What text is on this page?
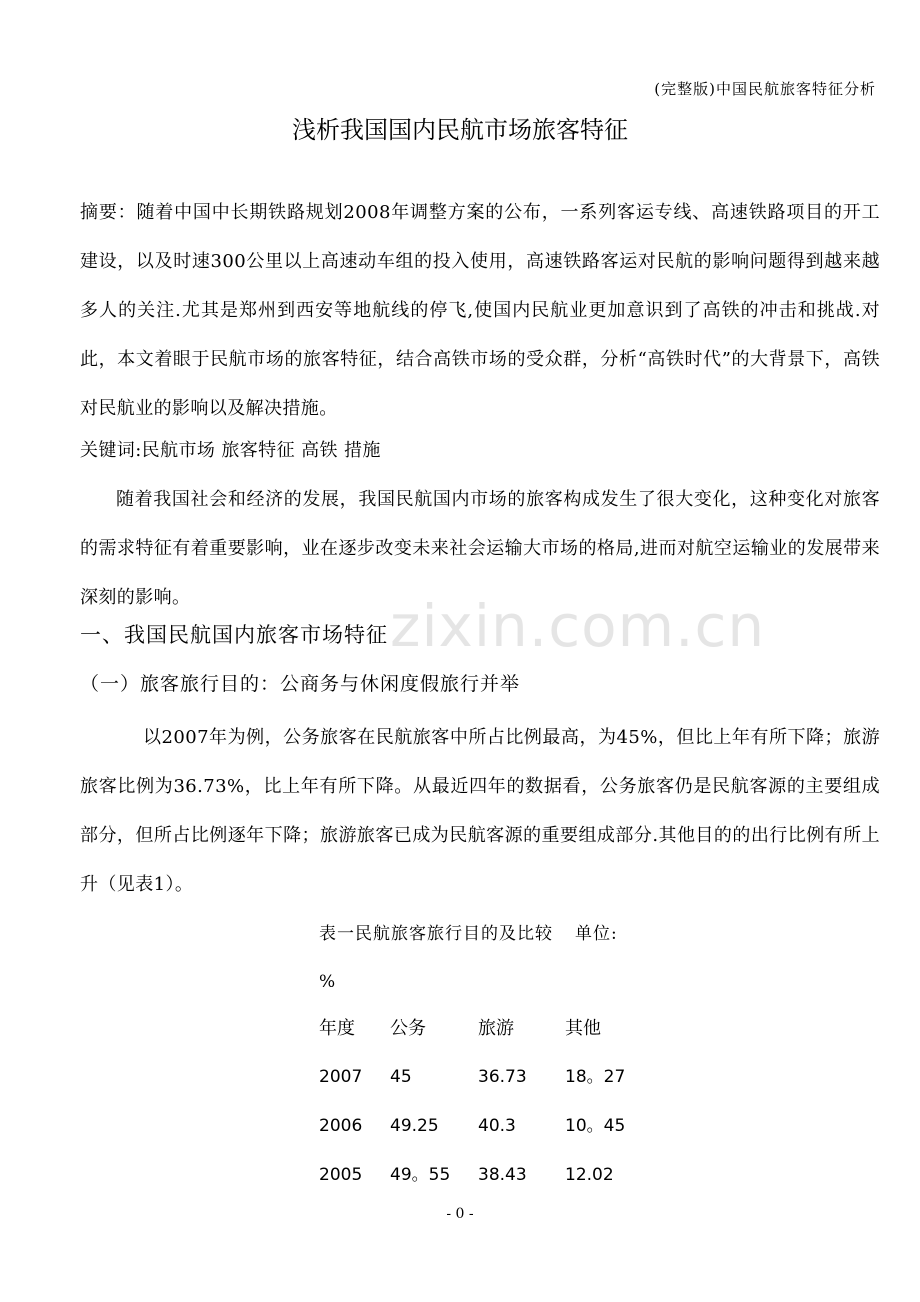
(完整版)中国民航旅客特征分析
浅析我国国内民航市场旅客特征
摘要：随着中国中长期铁路规划2008年调整方案的公布，一系列客运专线、高速铁路项目的开工建设，以及时速300公里以上高速动车组的投入使用，高速铁路客运对民航的影响问题得到越来越多人的关注.尤其是郑州到西安等地航线的停飞,使国内民航业更加意识到了高铁的冲击和挑战.对此，本文着眼于民航市场的旅客特征，结合高铁市场的受众群，分析“高铁时代”的大背景下，高铁对民航业的影响以及解决措施。
关键词:民航市场 旅客特征 高铁 措施
随着我国社会和经济的发展，我国民航国内市场的旅客构成发生了很大变化，这种变化对旅客的需求特征有着重要影响，业在逐步改变未来社会运输大市场的格局,进而对航空运输业的发展带来深刻的影响。	zixin.com.cn
一、我国民航国内旅客市场特征
（一）旅客旅行目的：公商务与休闲度假旅行并举
以2007年为例，公务旅客在民航旅客中所占比例最高，为45%，但比上年有所下降；旅游旅客比例为36.73%，比上年有所下降。从最近四年的数据看，公务旅客仍是民航客源的主要组成部分，但所占比例逐年下降；旅游旅客已成为民航客源的重要组成部分.其他目的的出行比例有所上升（见表1）。
表一民航旅客旅行目的及比较 单位:
%
年度 公务	旅游	其他
2007 45	36.73 18。27
2006 49.25 40.3	10。45
2005 49。55 38.43 12.02
- 0 -
